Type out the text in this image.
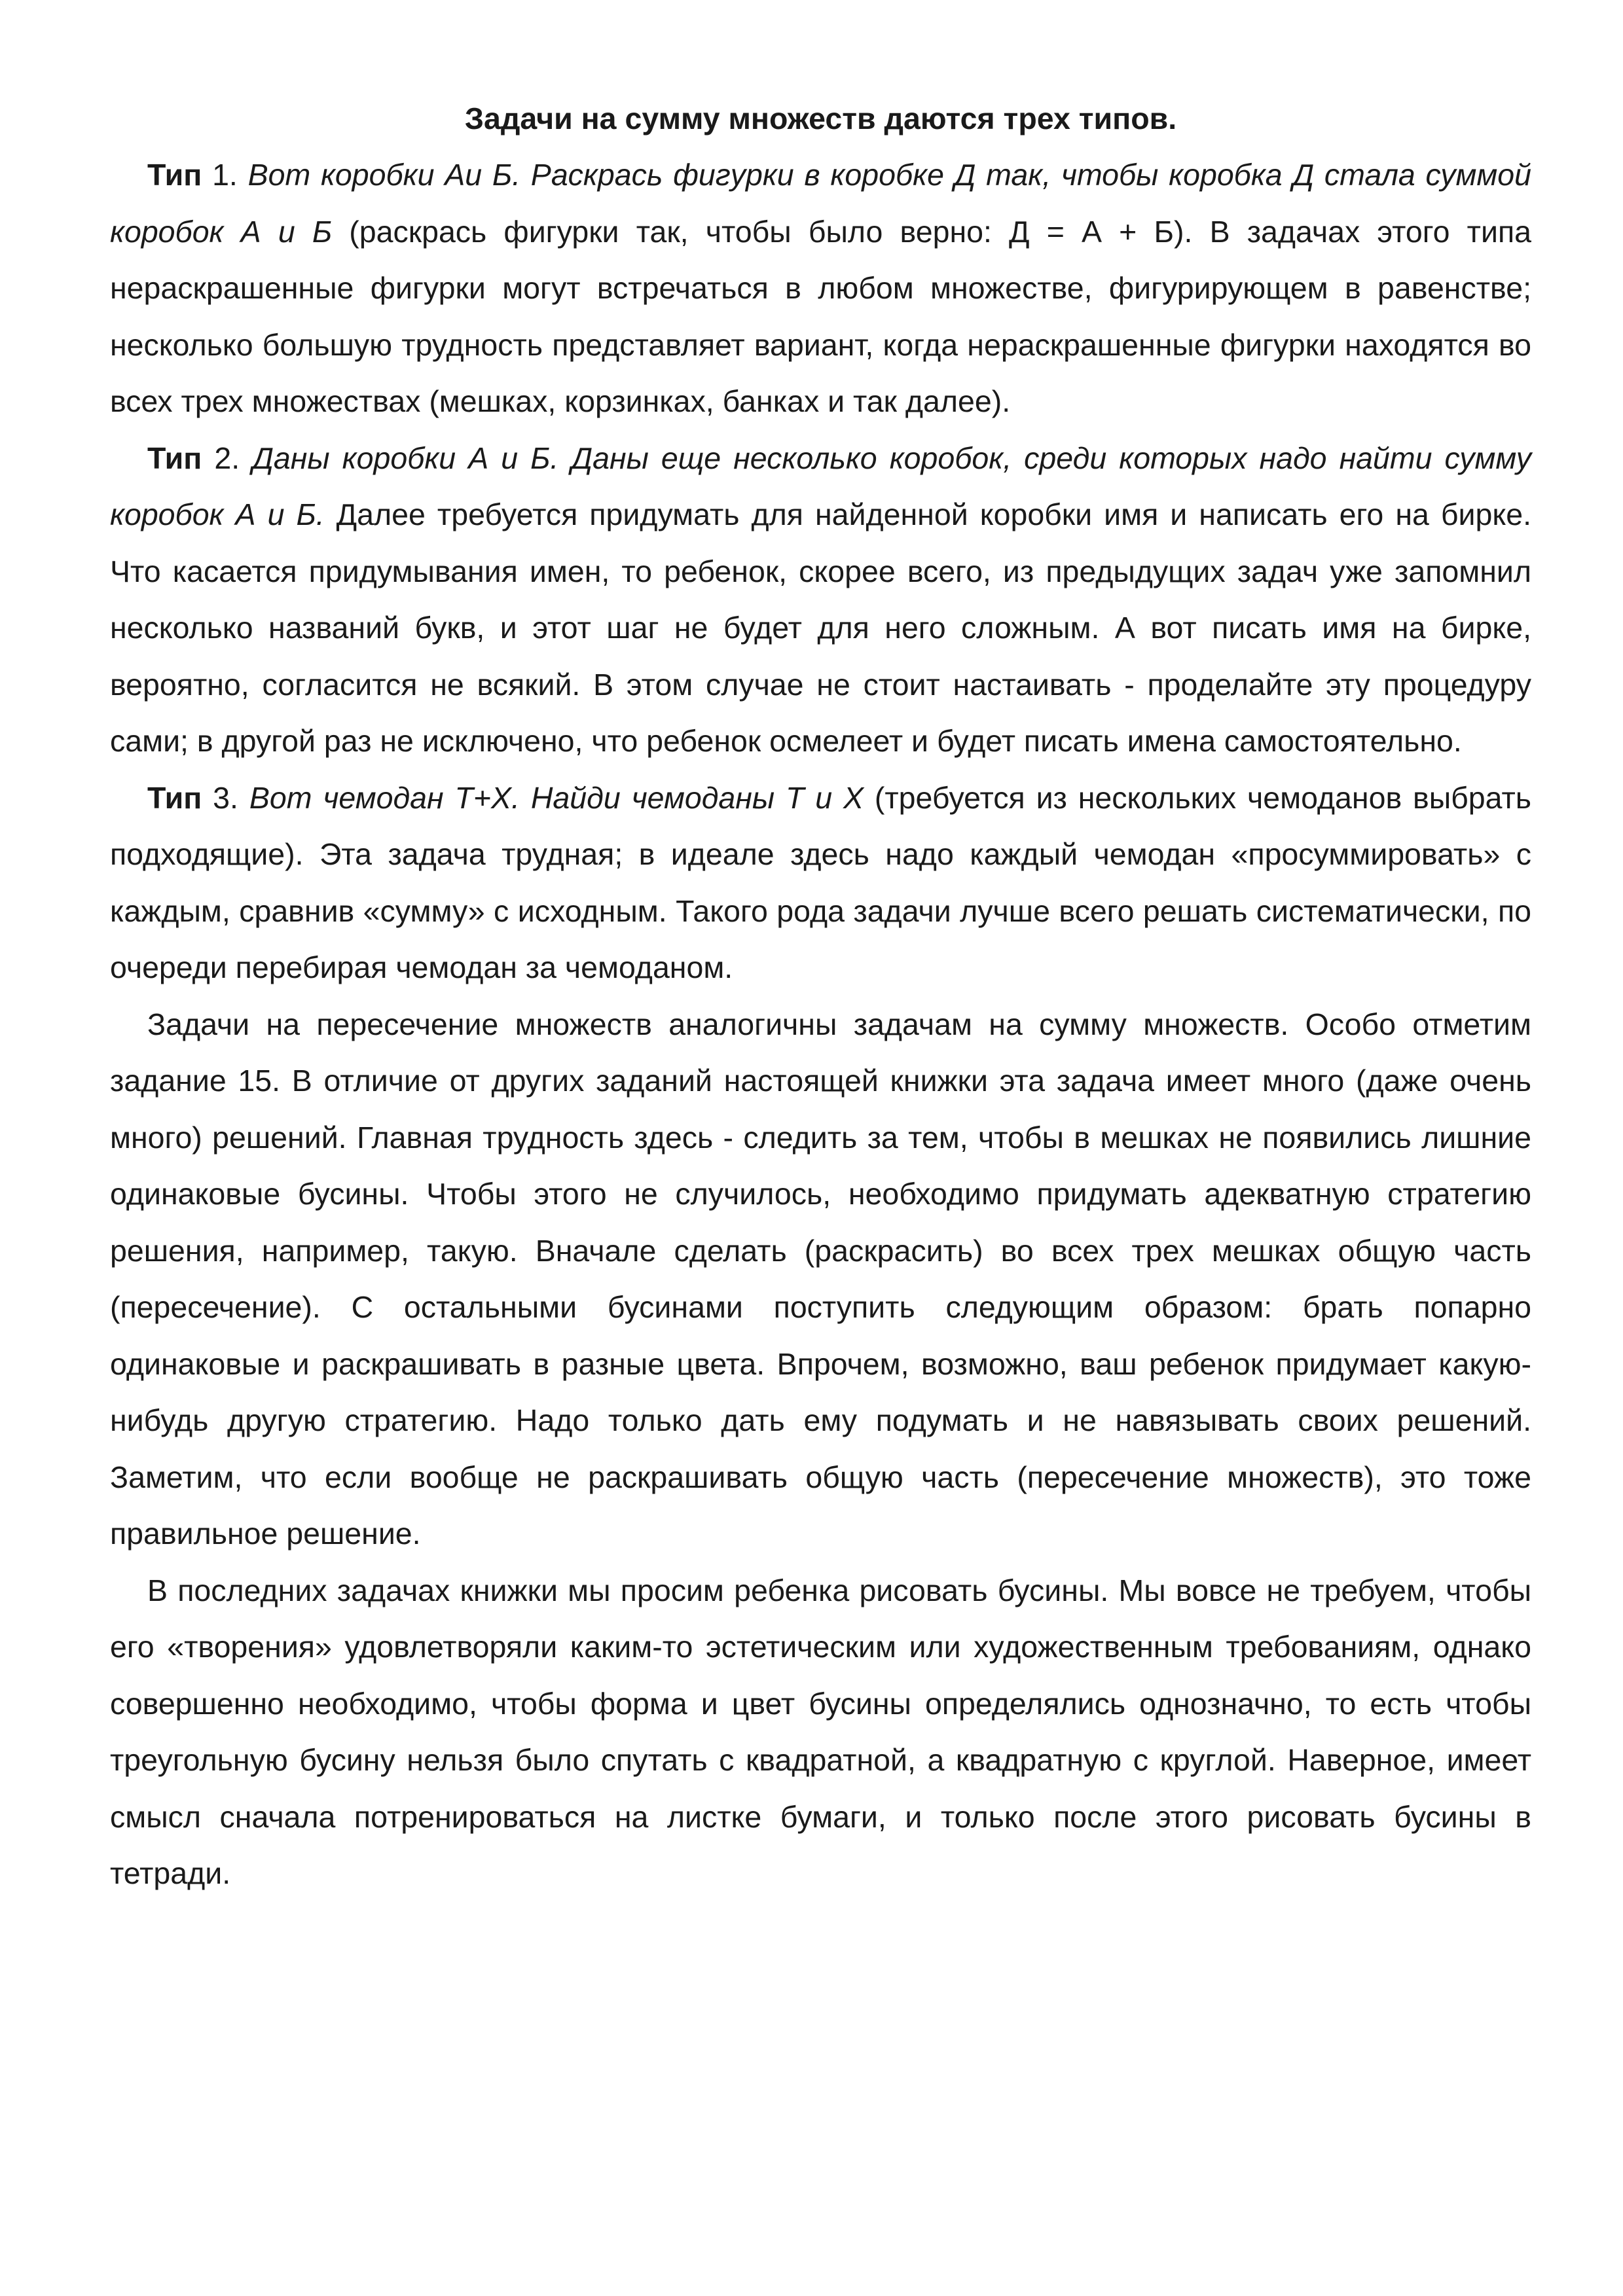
Задачи на сумму множеств даются трех типов.

Тип 1. Вот коробки Аи Б. Раскрась фигурки в коробке Д так, чтобы коробка Д стала суммой коробок А и Б (раскрась фигурки так, чтобы было верно: Д = А + Б). В задачах этого типа нераскрашенные фигурки могут встречаться в любом множестве, фигурирующем в равенстве; несколько большую трудность представляет вариант, когда нераскрашенные фигурки находятся во всех трех множествах (мешках, корзинках, банках и так далее).

Тип 2. Даны коробки А и Б. Даны еще несколько коробок, среди которых надо найти сумму коробок А и Б. Далее требуется придумать для найденной коробки имя и написать его на бирке. Что касается придумывания имен, то ребенок, скорее всего, из предыдущих задач уже запомнил несколько названий букв, и этот шаг не будет для него сложным. А вот писать имя на бирке, вероятно, согласится не всякий. В этом случае не стоит настаивать - проделайте эту процедуру сами; в другой раз не исключено, что ребенок осмелеет и будет писать имена самостоятельно.

Тип 3. Вот чемодан Т+Х. Найди чемоданы Т и Х (требуется из нескольких чемоданов выбрать подходящие). Эта задача трудная; в идеале здесь надо каждый чемодан «просуммировать» с каждым, сравнив «сумму» с исходным. Такого рода задачи лучше всего решать систематически, по очереди перебирая чемодан за чемоданом.

Задачи на пересечение множеств аналогичны задачам на сумму множеств. Особо отметим задание 15. В отличие от других заданий настоящей книжки эта задача имеет много (даже очень много) решений. Главная трудность здесь - следить за тем, чтобы в мешках не появились лишние одинаковые бусины. Чтобы этого не случилось, необходимо придумать адекватную стратегию решения, например, такую. Вначале сделать (раскрасить) во всех трех мешках общую часть (пересечение). С остальными бусинами поступить следующим образом: брать попарно одинаковые и раскрашивать в разные цвета. Впрочем, возможно, ваш ребенок придумает какую-нибудь другую стратегию. Надо только дать ему подумать и не навязывать своих решений. Заметим, что если вообще не раскрашивать общую часть (пересечение множеств), это тоже правильное решение.

В последних задачах книжки мы просим ребенка рисовать бусины. Мы вовсе не требуем, чтобы его «творения» удовлетворяли каким-то эстетическим или художественным требованиям, однако совершенно необходимо, чтобы форма и цвет бусины определялись однозначно, то есть чтобы треугольную бусину нельзя было спутать с квадратной, а квадратную с круглой. Наверное, имеет смысл сначала потренироваться на листке бумаги, и только после этого рисовать бусины в тетради.
